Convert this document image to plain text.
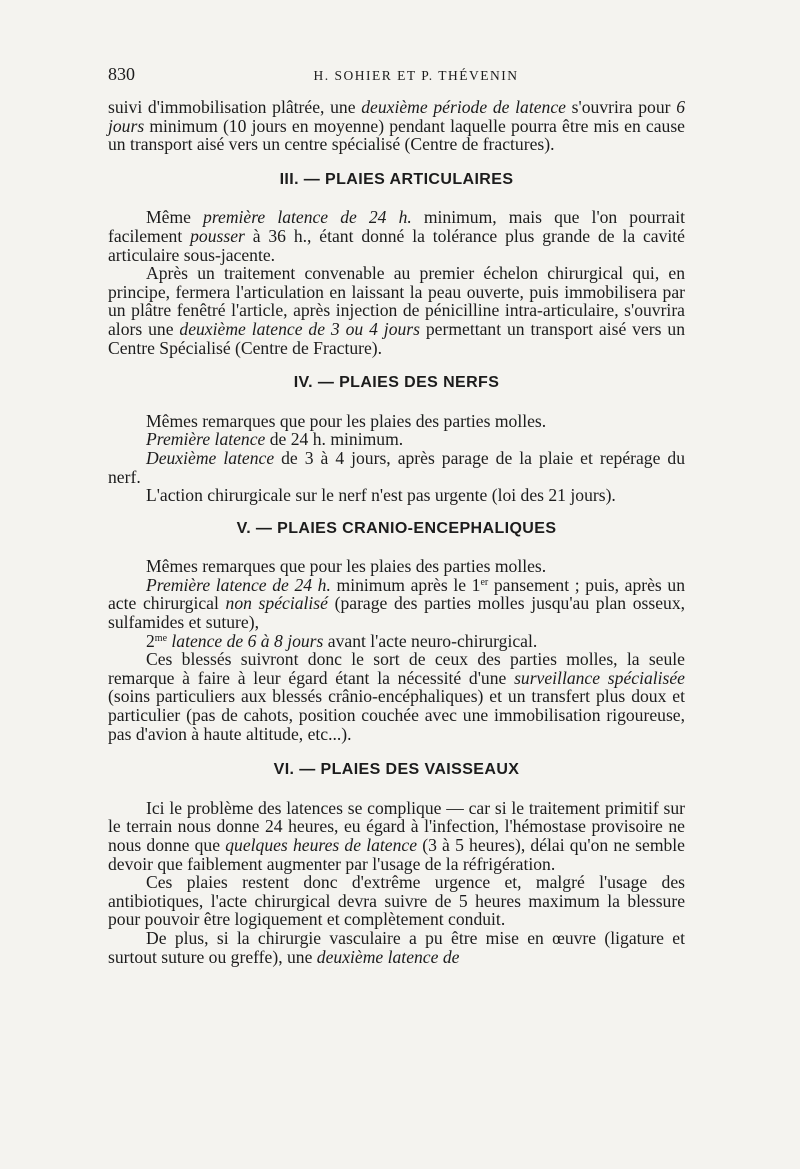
830	H. SOHIER ET P. THÉVENIN

suivi d'immobilisation plâtrée, une deuxième période de latence s'ouvrira pour 6 jours minimum (10 jours en moyenne) pendant laquelle pourra être mis en cause un transport aisé vers un centre spécialisé (Centre de fractures).

III. — PLAIES ARTICULAIRES

Même première latence de 24 h. minimum, mais que l'on pourrait facilement pousser à 36 h., étant donné la tolérance plus grande de la cavité articulaire sous-jacente.

Après un traitement convenable au premier échelon chirurgical qui, en principe, fermera l'articulation en laissant la peau ouverte, puis immobilisera par un plâtre fenêtré l'article, après injection de pénicilline intra-articulaire, s'ouvrira alors une deuxième latence de 3 ou 4 jours permettant un transport aisé vers un Centre Spécialisé (Centre de Fracture).

IV. — PLAIES DES NERFS

Mêmes remarques que pour les plaies des parties molles.

Première latence de 24 h. minimum.

Deuxième latence de 3 à 4 jours, après parage de la plaie et repérage du nerf.

L'action chirurgicale sur le nerf n'est pas urgente (loi des 21 jours).

V. — PLAIES CRANIO-ENCEPHALIQUES

Mêmes remarques que pour les plaies des parties molles.

Première latence de 24 h. minimum après le 1er pansement ; puis, après un acte chirurgical non spécialisé (parage des parties molles jusqu'au plan osseux, sulfamides et suture),

$2^{me}$ latence de 6 à 8 jours avant l'acte neuro-chirurgical.

Ces blessés suivront donc le sort de ceux des parties molles, la seule remarque à faire à leur égard étant la nécessité d'une surveillance spécialisée (soins particuliers aux blessés crânio-encéphaliques) et un transfert plus doux et particulier (pas de cahots, position couchée avec une immobilisation rigoureuse, pas d'avion à haute altitude, etc...).

VI. — PLAIES DES VAISSEAUX

Ici le problème des latences se complique — car si le traitement primitif sur le terrain nous donne 24 heures, eu égard à l'infection, l'hémostase provisoire ne nous donne que quelques heures de latence (3 à 5 heures), délai qu'on ne semble devoir que faiblement augmenter par l'usage de la réfrigération.

Ces plaies restent donc d'extrême urgence et, malgré l'usage des antibiotiques, l'acte chirurgical devra suivre de 5 heures maximum la blessure pour pouvoir être logiquement et complètement conduit.

De plus, si la chirurgie vasculaire a pu être mise en œuvre (ligature et surtout suture ou greffe), une deuxième latence de
